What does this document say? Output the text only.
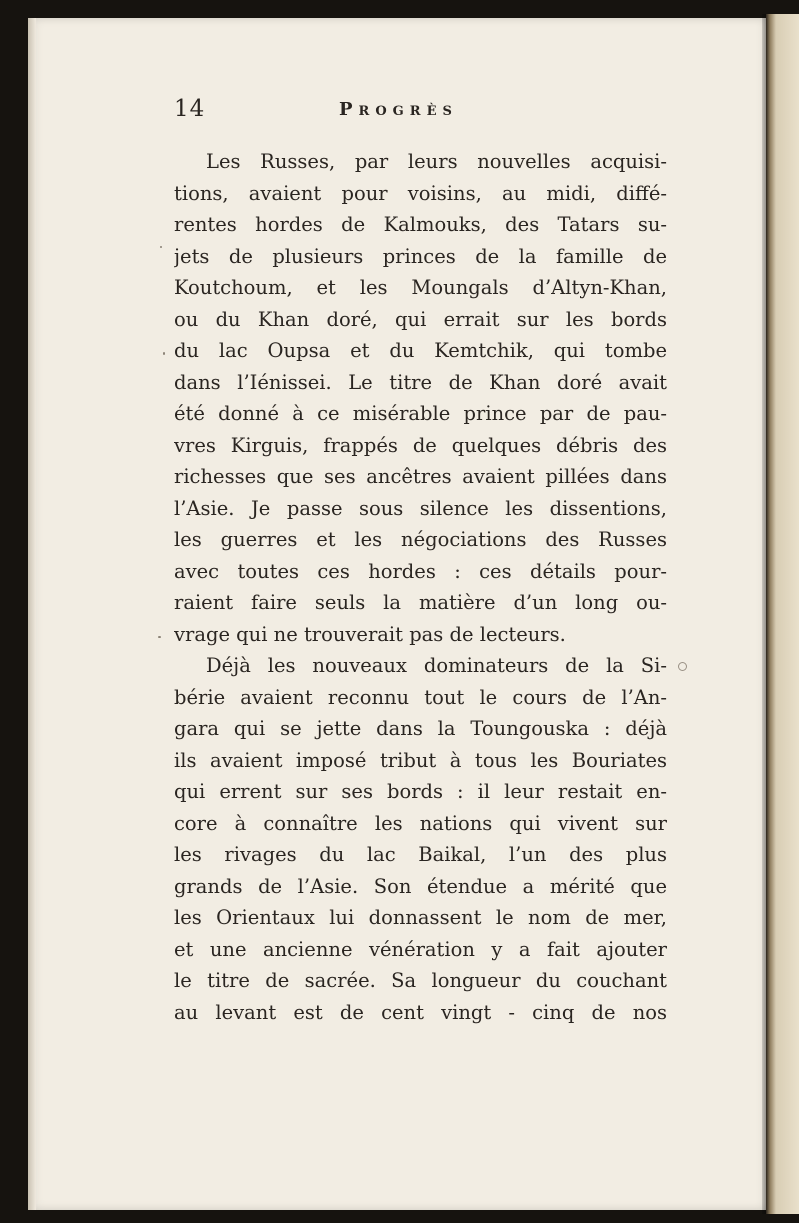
14	Progrès
Les Russes, par leurs nouvelles acquisi-
tions, avaient pour voisins, au midi, diffé-
rentes hordes de Kalmouks, des Tatars su-
jets de plusieurs princes de la famille de
Koutchoum, et les Moungals d’Altyn-Khan,
ou du Khan doré, qui errait sur les bords
du lac Oupsa et du Kemtchik, qui tombe
dans l’Iénissei. Le titre de Khan doré avait
été donné à ce misérable prince par de pau-
vres Kirguis, frappés de quelques débris des
richesses que ses ancêtres avaient pillées dans
l’Asie. Je passe sous silence les dissentions,
les guerres et les négociations des Russes
avec toutes ces hordes : ces détails pour-
raient faire seuls la matière d’un long ou-
vrage qui ne trouverait pas de lecteurs.
Déjà les nouveaux dominateurs de la Si-
bérie avaient reconnu tout le cours de l’An-
gara qui se jette dans la Toungouska : déjà
ils avaient imposé tribut à tous les Bouriates
qui errent sur ses bords : il leur restait en-
core à connaître les nations qui vivent sur
les rivages du lac Baikal, l’un des plus
grands de l’Asie. Son étendue a mérité que
les Orientaux lui donnassent le nom de mer,
et une ancienne vénération y a fait ajouter
le titre de sacrée. Sa longueur du couchant
au levant est de cent vingt - cinq de nos
